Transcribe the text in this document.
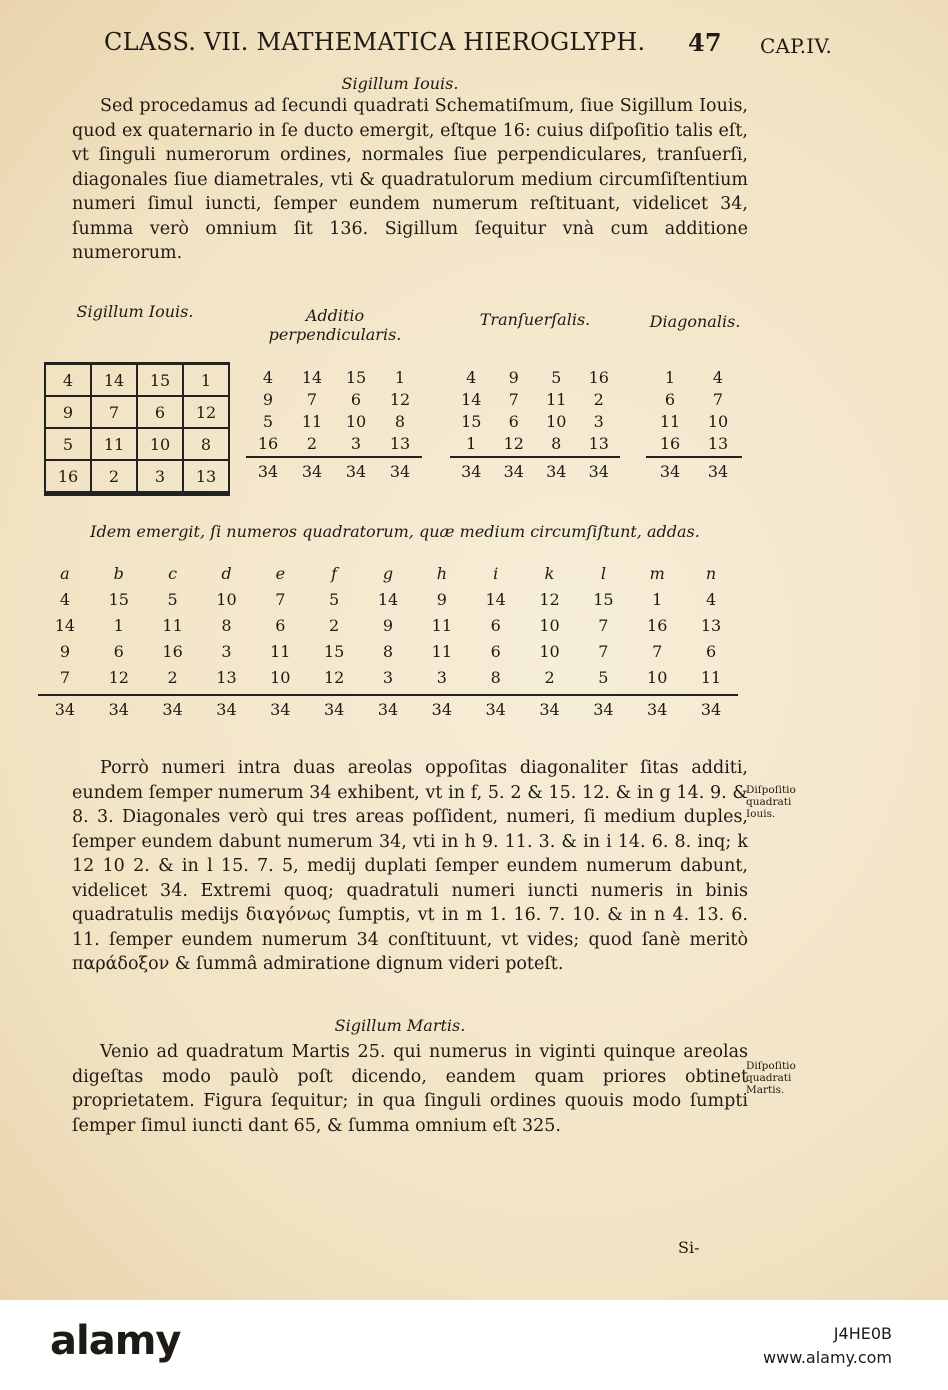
CLASS. VII. MATHEMATICA HIEROGLYPH. 47 CAP.IV.
Sigillum Iouis.

Sed procedamus ad ſecundi quadrati Schematiſmum, ſiue Sigillum Iouis, quod ex quaternario in ſe ducto emergit, eſtque 16: cuius diſpoſitio talis eſt, vt ſinguli numerorum ordines, normales ſiue perpendiculares, tranſuerſi, diagonales ſiue diametrales, vti & quadratulorum medium circumſiſtentium numeri ſimul iuncti, ſemper eundem numerum reſtituant, videlicet 34, ſumma verò omnium ſit 136. Sigillum ſequitur vnà cum additione numerorum.

Sigillum Iouis.	Additio perpendicularis.
Tranſuerſalis.	Diagonalis.
4	14	15	1
9	7	6	12
5	11	10	8
16	2	3	13
4	14	15	1
9	7	6	12
5	11	10	8
16	2	3	13
34	34	34	34
4	9	5	16
14	7	11	2
15	6	10	3
1	12	8	13
34	34	34	34
1	4
6	7
11	10
16	13
34	34
Idem emergit, ſi numeros quadratorum, quæ medium circumſiſtunt, addas.
a	b	c	d	e	f	g	h	i	k	l	m	n
4	15	5	10	7	5	14	9	14	12	15	1	4
14	1	11	8	6	2	9	11	6	10	7	16	13
9	6	16	3	11	15	8	11	6	10	7	7	6
7	12	2	13	10	12	3	3	8	2	5	10	11
34	34	34	34	34	34	34	34	34	34	34	34	34

Porrò numeri intra duas areolas oppoſitas diagonaliter ſitas additi, eundem ſemper numerum 34 exhibent, vt in f, 5. 2 & 15. 12. & in g 14. 9. & 8. 3. Diagonales verò qui tres areas poſſident, numeri, ſi medium duples, ſemper eundem dabunt numerum 34, vti in h 9. 11. 3. & in i 14. 6. 8. inq; k 12 10 2. & in l 15. 7. 5, medij duplati ſemper eundem numerum dabunt, videlicet 34. Extremi quoq; quadratuli numeri iuncti numeris in binis quadratulis medijs διαγόνως ſumptis, vt in m 1. 16. 7. 10. & in n 4. 13. 6. 11. ſemper eundem numerum 34 conſtituunt, vt vides; quod ſanè meritò παράδοξον & ſummâ admiratione dignum videri poteſt.

Diſpoſitio quadrati Iouis.
Sigillum Martis.

Venio ad quadratum Martis 25. qui numerus in viginti quinque areolas digeſtas modo paulò poſt dicendo, eandem quam priores obtinet proprietatem. Figura ſequitur; in qua ſinguli ordines quouis modo ſumpti ſemper ſimul iuncti dant 65, & ſumma omnium eſt 325.

Diſpoſitio quadrati Martis.
Si-
alamy	J4HE0B
www.alamy.com
